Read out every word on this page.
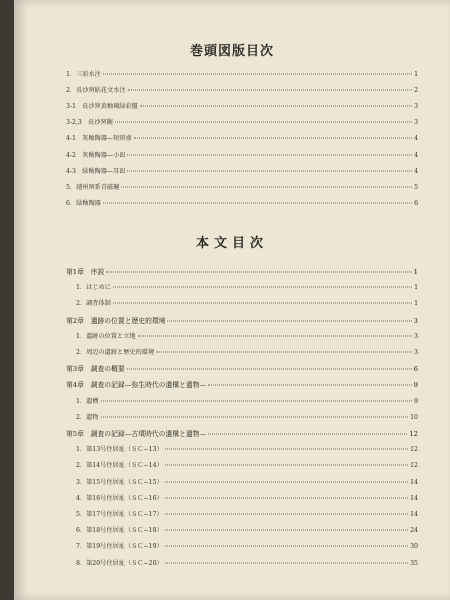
巻頭図版目次
1．三彩水注	1
2．長沙窯貼花文水注	2
3-1　長沙窯黄釉褐緑彩盤	3
3-2,3　長沙窯碗	3
4-1　灰釉陶器—短頸壷	4
4-2　灰釉陶器—小皿	4
4-3　緑釉陶器—耳皿	4
5．越州窯系青磁碗	5
6．緑釉陶器	6
本文目次
第1章　序説	1
1．はじめに	1
2．調査体制	1
第2章　遺跡の位置と歴史的環境	3
1．遺跡の位置と立地	3
2．周辺の遺跡と歴史的環境	3
第3章　調査の概要	6
第4章　調査の記録—弥生時代の遺構と遺物—	9
1．遺構	9
2．遺物	10
第5章　調査の記録—古墳時代の遺構と遺物—	12
1．第13号住居址（ＳＣ−13）	12
2．第14号住居址（ＳＣ−14）	12
3．第15号住居址（ＳＣ−15）	14
4．第16号住居址（ＳＣ−16）	14
5．第17号住居址（ＳＣ−17）	14
6．第18号住居址（ＳＣ−18）	24
7．第19号住居址（ＳＣ−19）	30
8．第20号住居址（ＳＣ−20）	35
